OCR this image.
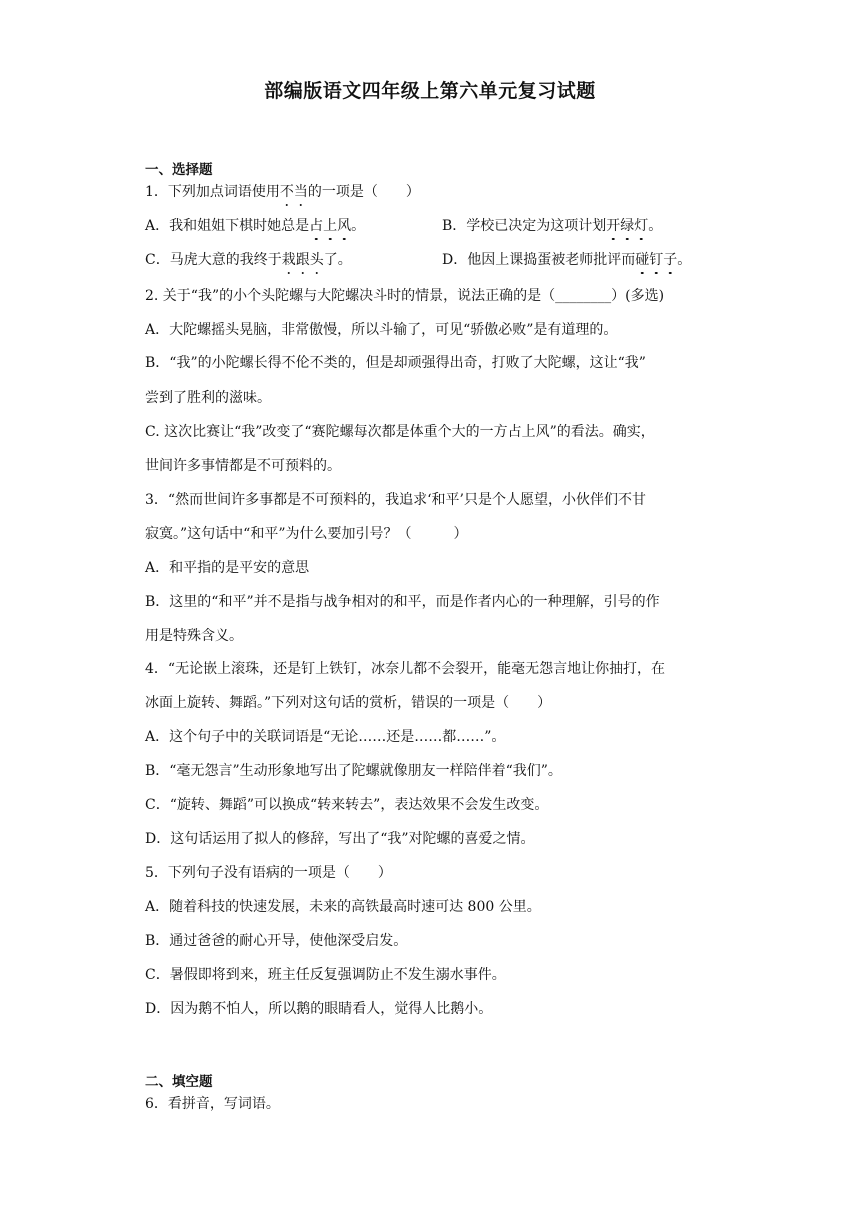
部编版语文四年级上第六单元复习试题
一、选择题
1．下列加点词语使用不当的一项是（　　）
A．我和姐姐下棋时她总是占上风。	B．学校已决定为这项计划开绿灯。
C．马虎大意的我终于栽跟头了。	D．他因上课捣蛋被老师批评而碰钉子。
2. 关于“我”的小个头陀螺与大陀螺决斗时的情景，说法正确的是（________）(多选)
A．大陀螺摇头晃脑，非常傲慢，所以斗输了，可见“骄傲必败”是有道理的。
B．“我”的小陀螺长得不伦不类的，但是却顽强得出奇，打败了大陀螺，这让“我”
尝到了胜利的滋味。
C. 这次比赛让“我”改变了“赛陀螺每次都是体重个大的一方占上风”的看法。确实，
世间许多事情都是不可预料的。
3．“然而世间许多事都是不可预料的，我追求‘和平’只是个人愿望，小伙伴们不甘
寂寞。”这句话中“和平”为什么要加引号？（　　　）
A．和平指的是平安的意思
B．这里的“和平”并不是指与战争相对的和平，而是作者内心的一种理解，引号的作
用是特殊含义。
4．“无论嵌上滚珠，还是钉上铁钉，冰奈儿都不会裂开，能毫无怨言地让你抽打，在
冰面上旋转、舞蹈。”下列对这句话的赏析，错误的一项是（　　）
A．这个句子中的关联词语是“无论……还是……都……”。
B．“毫无怨言”生动形象地写出了陀螺就像朋友一样陪伴着“我们”。
C．“旋转、舞蹈”可以换成“转来转去”，表达效果不会发生改变。
D．这句话运用了拟人的修辞，写出了“我”对陀螺的喜爱之情。
5．下列句子没有语病的一项是（　　）
A．随着科技的快速发展，未来的高铁最高时速可达 800 公里。
B．通过爸爸的耐心开导，使他深受启发。
C．暑假即将到来，班主任反复强调防止不发生溺水事件。
D．因为鹅不怕人，所以鹅的眼睛看人，觉得人比鹅小。
二、填空题
6．看拼音，写词语。
